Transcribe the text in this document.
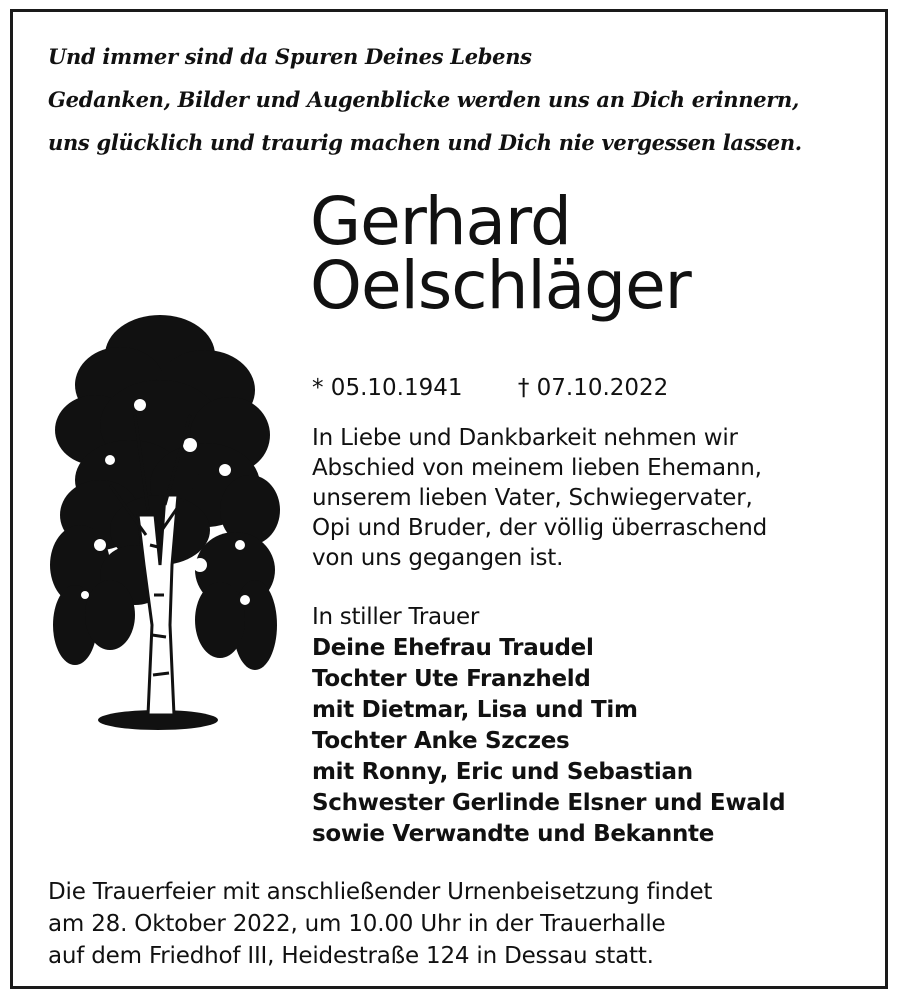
Und immer sind da Spuren Deines Lebens
Gedanken, Bilder und Augenblicke werden uns an Dich erinnern,
uns glücklich und traurig machen und Dich nie vergessen lassen.
Gerhard
Oelschläger
* 05.10.1941 † 07.10.2022
In Liebe und Dankbarkeit nehmen wir
Abschied von meinem lieben Ehemann,
unserem lieben Vater, Schwiegervater,
Opi und Bruder, der völlig überraschend
von uns gegangen ist.
In stiller Trauer
Deine Ehefrau Traudel
Tochter Ute Franzheld
mit Dietmar, Lisa und Tim
Tochter Anke Szczes
mit Ronny, Eric und Sebastian
Schwester Gerlinde Elsner und Ewald
sowie Verwandte und Bekannte
Die Trauerfeier mit anschließender Urnenbeisetzung findet
am 28. Oktober 2022, um 10.00 Uhr in der Trauerhalle
auf dem Friedhof III, Heidestraße 124 in Dessau statt.
